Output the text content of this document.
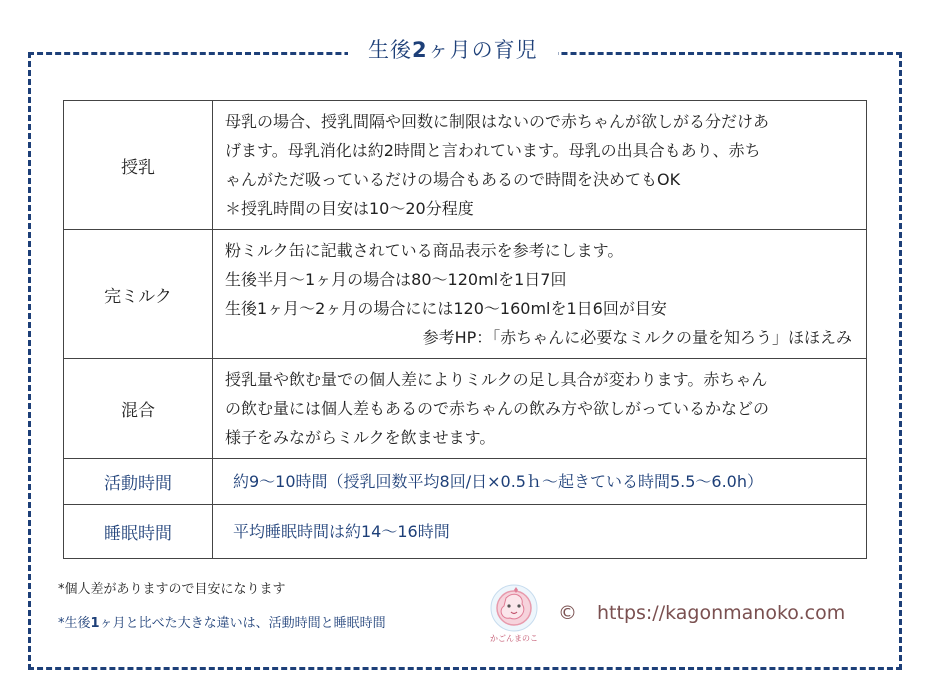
生後2ヶ月の育児
授乳	母乳の場合、授乳間隔や回数に制限はないので赤ちゃんが欲しがる分だけあ
げます。母乳消化は約2時間と言われています。母乳の出具合もあり、赤ち
ゃんがただ吸っているだけの場合もあるので時間を決めてもOK
＊授乳時間の目安は10～20分程度

完ミルク	粉ミルク缶に記載されている商品表示を参考にします。
生後半月～1ヶ月の場合は80～120mlを1日7回
生後1ヶ月～2ヶ月の場合にには120～160mlを1日6回が目安
参考HP：「赤ちゃんに必要なミルクの量を知ろう」ほほえみ

混合	授乳量や飲む量での個人差によりミルクの足し具合が変わります。赤ちゃん
の飲む量には個人差もあるので赤ちゃんの飲み方や欲しがっているかなどの
様子をみながらミルクを飲ませます。

活動時間	約9～10時間（授乳回数平均8回/日×0.5ｈ～起きている時間5.5～6.0h）

睡眠時間	平均睡眠時間は約14～16時間
*個人差がありますので目安になります
*生後1ヶ月と比べた大きな違いは、活動時間と睡眠時間
かごんまのこ
© https://kagonmanoko.com
